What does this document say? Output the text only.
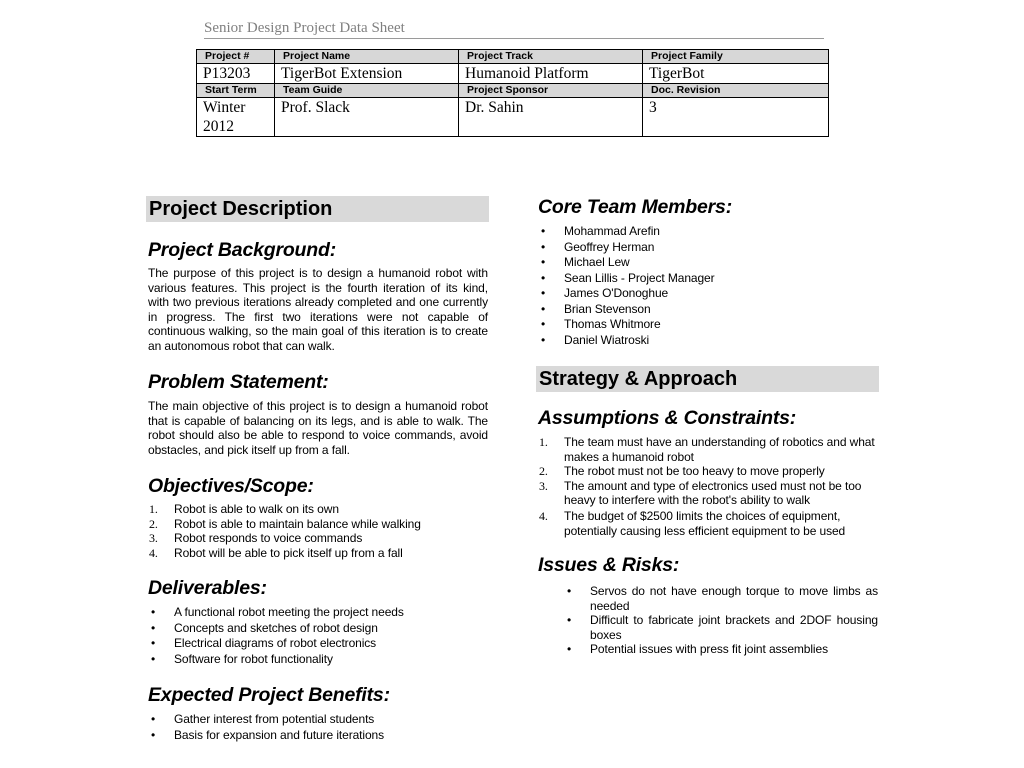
Senior Design Project Data Sheet
Project #	Project Name	Project Track	Project Family
P13203	TigerBot Extension	Humanoid Platform	TigerBot
Start Term	Team Guide	Project Sponsor	Doc. Revision
Winter 2012	Prof. Slack	Dr. Sahin	3
Project Description
Project Background:
The purpose of this project is to design a humanoid robot with various features. This project is the fourth iteration of its kind, with two previous iterations already completed and one currently in progress. The first two iterations were not capable of continuous walking, so the main goal of this iteration is to create an autonomous robot that can walk.
Problem Statement:
The main objective of this project is to design a humanoid robot that is capable of balancing on its legs, and is able to walk. The robot should also be able to respond to voice commands, avoid obstacles, and pick itself up from a fall.
Objectives/Scope:
1. Robot is able to walk on its own
2. Robot is able to maintain balance while walking
3. Robot responds to voice commands
4. Robot will be able to pick itself up from a fall
Deliverables:
• A functional robot meeting the project needs
• Concepts and sketches of robot design
• Electrical diagrams of robot electronics
• Software for robot functionality
Expected Project Benefits:
• Gather interest from potential students
• Basis for expansion and future iterations
Core Team Members:
• Mohammad Arefin
• Geoffrey Herman
• Michael Lew
• Sean Lillis - Project Manager
• James O'Donoghue
• Brian Stevenson
• Thomas Whitmore
• Daniel Wiatroski
Strategy & Approach
Assumptions & Constraints:
1. The team must have an understanding of robotics and what makes a humanoid robot
2. The robot must not be too heavy to move properly
3. The amount and type of electronics used must not be too heavy to interfere with the robot's ability to walk
4. The budget of $2500 limits the choices of equipment, potentially causing less efficient equipment to be used
Issues & Risks:
• Servos do not have enough torque to move limbs as needed
• Difficult to fabricate joint brackets and 2DOF housing boxes
• Potential issues with press fit joint assemblies
